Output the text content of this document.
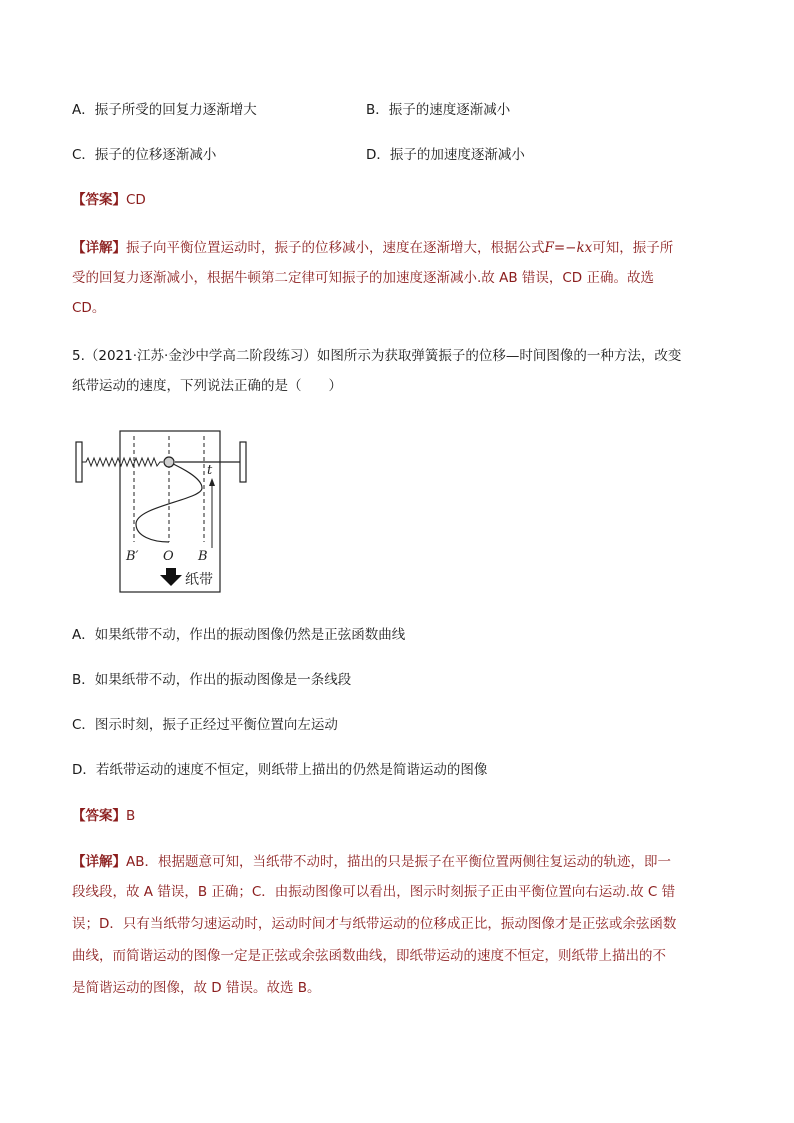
A．振子所受的回复力逐渐增大	B．振子的速度逐渐减小
C．振子的位移逐渐减小	D．振子的加速度逐渐减小
【答案】CD
【详解】振子向平衡位置运动时，振子的位移减小，速度在逐渐增大，根据公式F=−kx可知，振子所
受的回复力逐渐减小，根据牛顿第二定律可知振子的加速度逐渐减小.故 AB 错误，CD 正确。故选
CD。
5.（2021·江苏·金沙中学高二阶段练习）如图所示为获取弹簧振子的位移—时间图像的一种方法，改变
纸带运动的速度，下列说法正确的是（　　）
t
B′ O B
纸带
A．如果纸带不动，作出的振动图像仍然是正弦函数曲线
B．如果纸带不动，作出的振动图像是一条线段
C．图示时刻，振子正经过平衡位置向左运动
D．若纸带运动的速度不恒定，则纸带上描出的仍然是简谐运动的图像
【答案】B
【详解】AB．根据题意可知，当纸带不动时，描出的只是振子在平衡位置两侧往复运动的轨迹，即一
段线段，故 A 错误，B 正确；C．由振动图像可以看出，图示时刻振子正由平衡位置向右运动.故 C 错
误；D．只有当纸带匀速运动时，运动时间才与纸带运动的位移成正比，振动图像才是正弦或余弦函数
曲线，而简谐运动的图像一定是正弦或余弦函数曲线，即纸带运动的速度不恒定，则纸带上描出的不
是简谐运动的图像，故 D 错误。故选 B。
